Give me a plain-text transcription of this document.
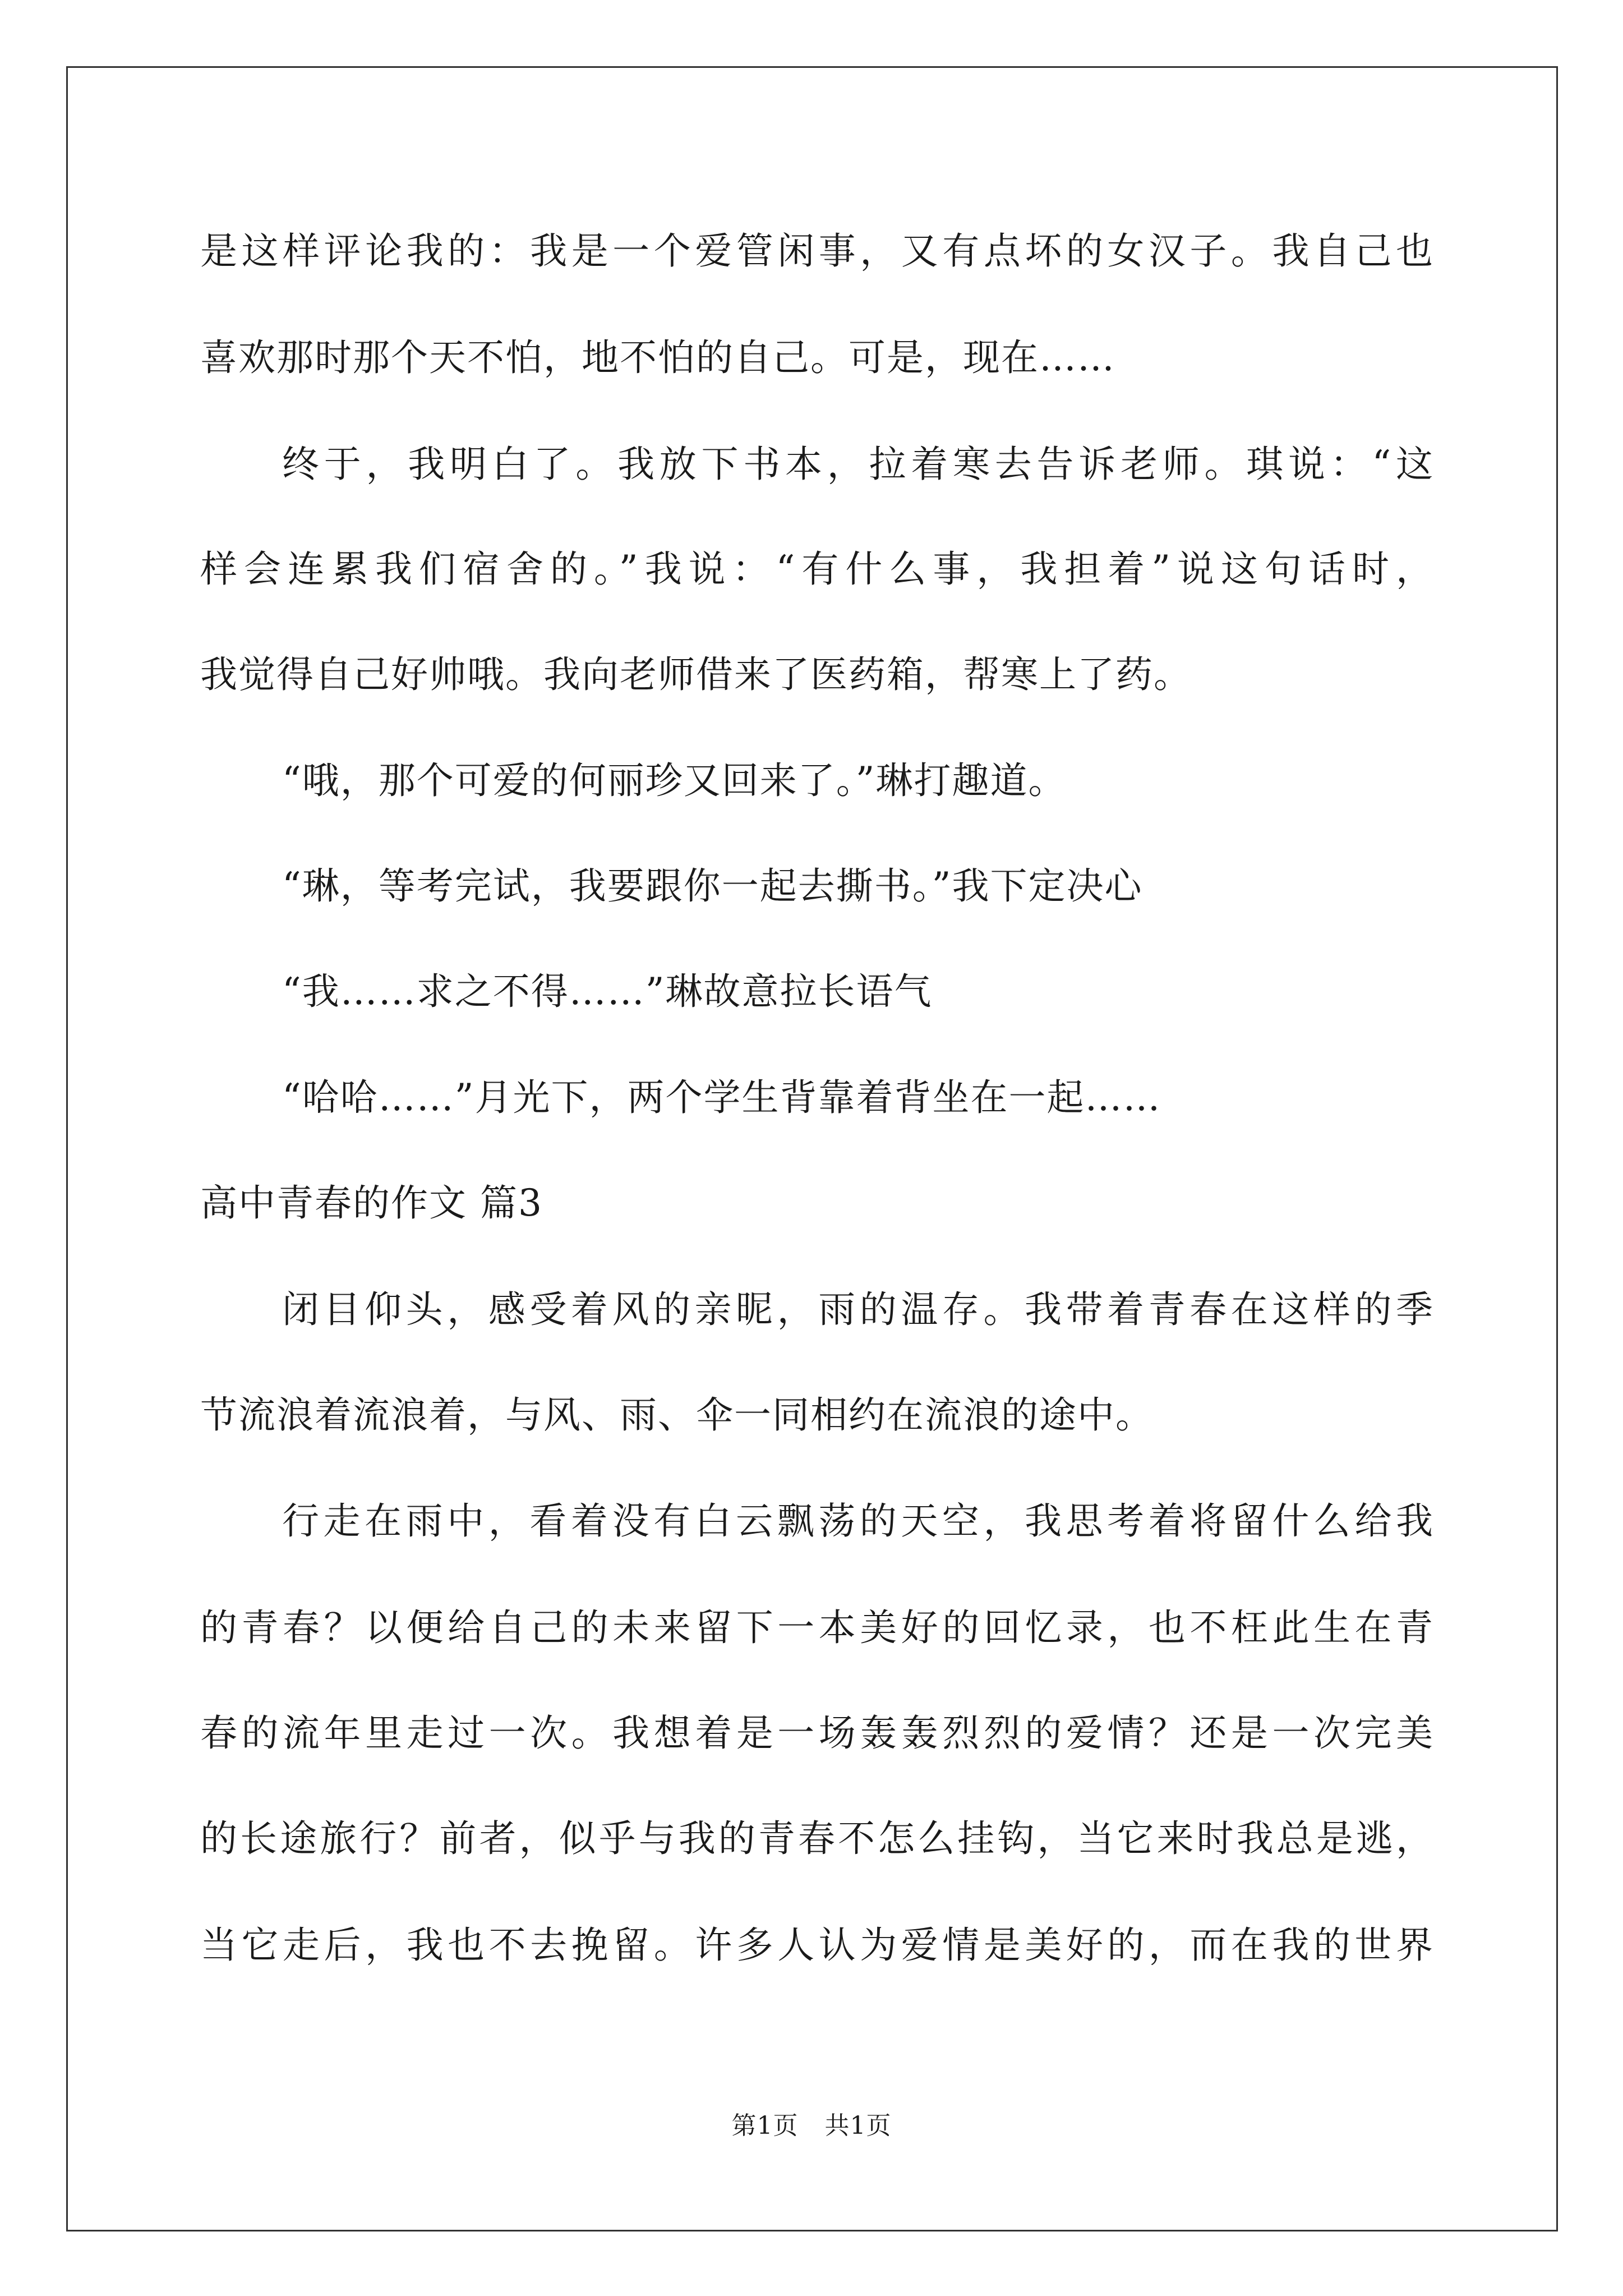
是这样评论我的：我是一个爱管闲事，又有点坏的女汉子。我自己也
喜欢那时那个天不怕，地不怕的自己。可是，现在……
终于，我明白了。我放下书本，拉着寒去告诉老师。琪说：“这
样会连累我们宿舍的。”我说：“有什么事，我担着”说这句话时，
我觉得自己好帅哦。我向老师借来了医药箱，帮寒上了药。
“哦，那个可爱的何丽珍又回来了。”琳打趣道。
“琳，等考完试，我要跟你一起去撕书。”我下定决心
“我……求之不得……”琳故意拉长语气
“哈哈……”月光下，两个学生背靠着背坐在一起……
高中青春的作文 篇3
闭目仰头，感受着风的亲昵，雨的温存。我带着青春在这样的季
节流浪着流浪着，与风、雨、伞一同相约在流浪的途中。
行走在雨中，看着没有白云飘荡的天空，我思考着将留什么给我
的青春？以便给自己的未来留下一本美好的回忆录，也不枉此生在青
春的流年里走过一次。我想着是一场轰轰烈烈的爱情？还是一次完美
的长途旅行？前者，似乎与我的青春不怎么挂钩，当它来时我总是逃，
当它走后，我也不去挽留。许多人认为爱情是美好的，而在我的世界
第1页 共1页
